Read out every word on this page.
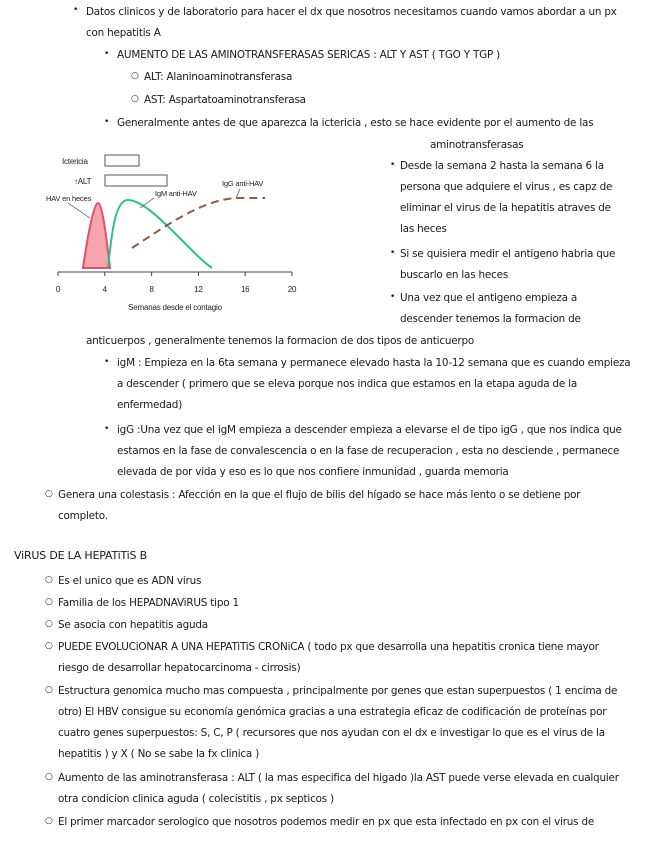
• Datos clinicos y de laboratorio para hacer el dx que nosotros necesitamos cuando vamos abordar a un px con hepatitis A
• AUMENTO DE LAS AMINOTRANSFERASAS SERICAS : ALT Y AST ( TGO Y TGP )
○ ALT: Alaninoaminotransferasa
○ AST: Aspartatoaminotransferasa
• Generalmente antes de que aparezca la ictericia , esto se hace evidente por el aumento de las
aminotransferasas
Ictericia
↑ALT
HAV en heces
IgM anti-HAV
IgG anti-HAV
0	4	8	12	16	20
Semanas desde el contagio
• Desde la semana 2 hasta la semana 6 la persona que adquiere el virus , es capz de eliminar el virus de la hepatitis atraves de las heces
• Si se quisiera medir el antigeno habria que buscarlo en las heces
• Una vez que el antigeno empieza a descender tenemos la formacion de
anticuerpos , generalmente tenemos la formacion de dos tipos de anticuerpo
• igM : Empieza en la 6ta semana y permanece elevado hasta la 10-12 semana que es cuando empieza a descender ( primero que se eleva porque nos indica que estamos en la etapa aguda de la enfermedad)
• igG :Una vez que el igM empieza a descender empieza a elevarse el de tipo igG , que nos indica que estamos en la fase de convalescencia o en la fase de recuperacion , esta no desciende , permanece elevada de por vida y eso es lo que nos confiere inmunidad , guarda memoria
○ Genera una colestasis : Afección en la que el flujo de bilis del hígado se hace más lento o se detiene por completo.
ViRUS DE LA HEPATiTiS B
○ Es el unico que es ADN virus
○ Familia de los HEPADNAViRUS tipo 1
○ Se asocia con hepatitis aguda
○ PUEDE EVOLUCiONAR A UNA HEPATiTiS CRONiCA ( todo px que desarrolla una hepatitis cronica tiene mayor riesgo de desarrollar hepatocarcinoma - cirrosis)
○ Estructura genomica mucho mas compuesta , principalmente por genes que estan superpuestos ( 1 encima de otro) El HBV consigue su economía genómica gracias a una estrategia eficaz de codificación de proteínas por cuatro genes superpuestos: S, C, P ( recursores que nos ayudan con el dx e investigar lo que es el virus de la hepatitis ) y X ( No se sabe la fx clinica )
○ Aumento de las aminotransferasa : ALT ( la mas especifica del higado )la AST puede verse elevada en cualquier otra condicion clinica aguda ( colecistitis , px septicos )
○ El primer marcador serologico que nosotros podemos medir en px que esta infectado en px con el virus de
